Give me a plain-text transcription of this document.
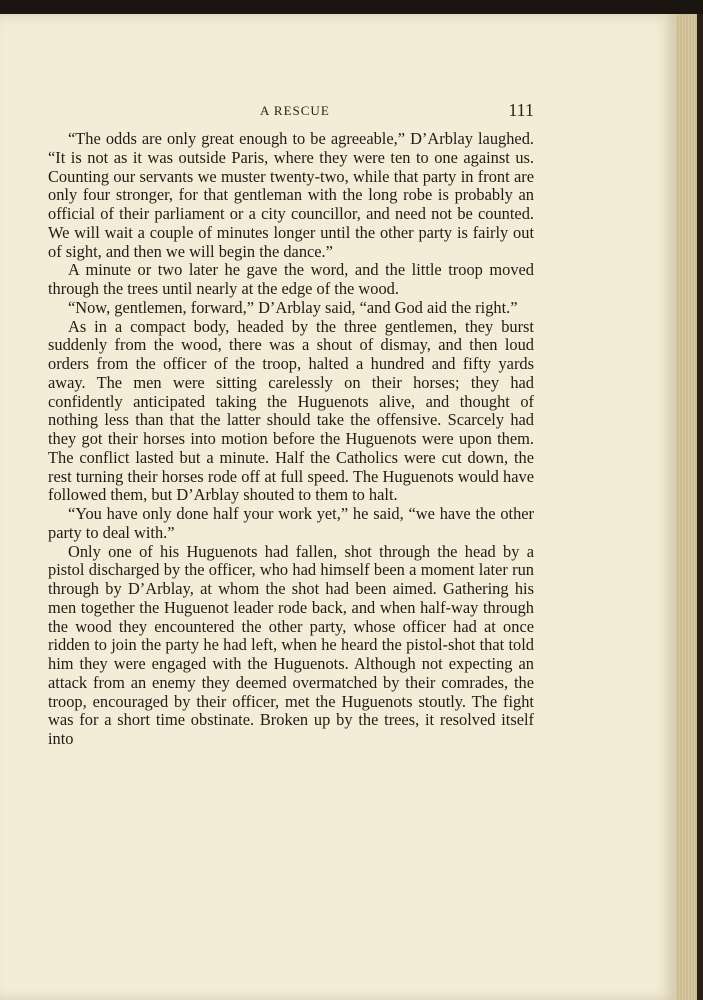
A RESCUE	111

“The odds are only great enough to be agreeable,” D’Arblay laughed. “It is not as it was outside Paris, where they were ten to one against us. Counting our servants we muster twenty-two, while that party in front are only four stronger, for that gentleman with the long robe is probably an official of their parliament or a city councillor, and need not be counted. We will wait a couple of minutes longer until the other party is fairly out of sight, and then we will begin the dance.”

A minute or two later he gave the word, and the little troop moved through the trees until nearly at the edge of the wood.

“Now, gentlemen, forward,” D’Arblay said, “and God aid the right.”

As in a compact body, headed by the three gentlemen, they burst suddenly from the wood, there was a shout of dismay, and then loud orders from the officer of the troop, halted a hundred and fifty yards away. The men were sitting carelessly on their horses; they had confidently anticipated taking the Huguenots alive, and thought of nothing less than that the latter should take the offensive. Scarcely had they got their horses into motion before the Huguenots were upon them. The conflict lasted but a minute. Half the Catholics were cut down, the rest turning their horses rode off at full speed. The Huguenots would have followed them, but D’Arblay shouted to them to halt.

“You have only done half your work yet,” he said, “we have the other party to deal with.”

Only one of his Huguenots had fallen, shot through the head by a pistol discharged by the officer, who had himself been a moment later run through by D’Arblay, at whom the shot had been aimed. Gathering his men together the Huguenot leader rode back, and when half-way through the wood they encountered the other party, whose officer had at once ridden to join the party he had left, when he heard the pistol-shot that told him they were engaged with the Huguenots. Although not expecting an attack from an enemy they deemed overmatched by their comrades, the troop, encouraged by their officer, met the Huguenots stoutly. The fight was for a short time obstinate. Broken up by the trees, it resolved itself into
